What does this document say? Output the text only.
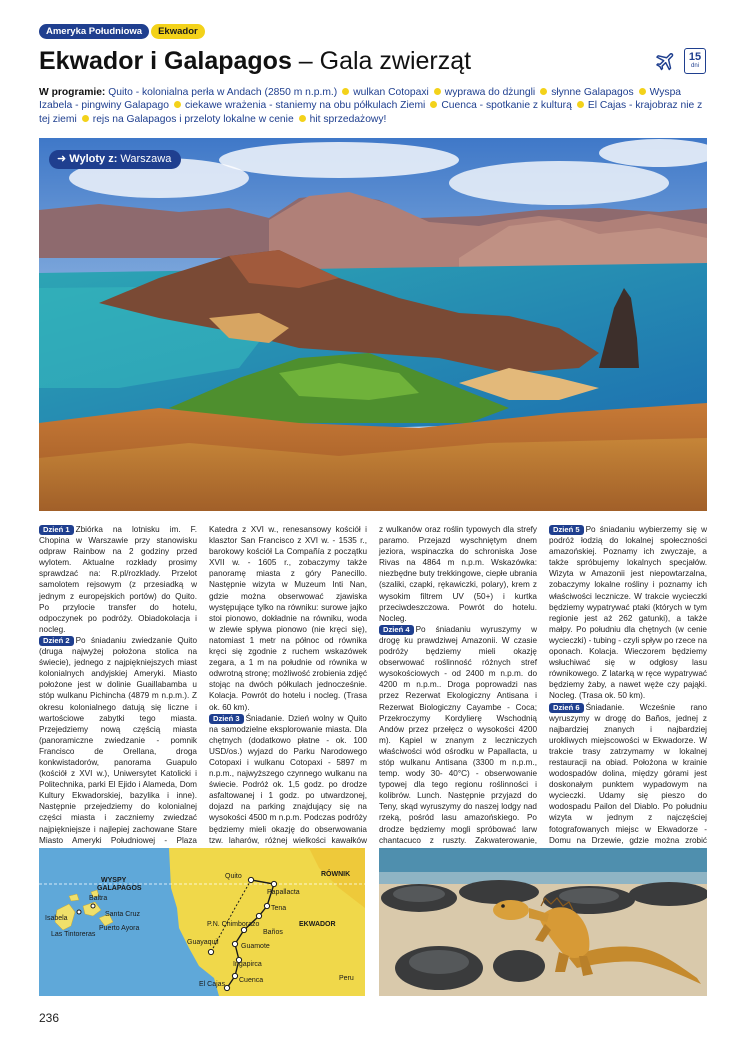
Ameryka Południowa	Ekwador
Ekwador i Galapagos – Gala zwierząt	15
dni
W programie: Quito - kolonialna perła w Andach (2850 m n.p.m.) wulkan Cotopaxi wyprawa do dżungli słynne Galapagos Wyspa Izabela - pingwiny Galapago ciekawe wrażenia - staniemy na obu półkulach Ziemi Cuenca - spotkanie z kulturą El Cajas - krajobraz nie z tej ziemi rejs na Galapagos i przeloty lokalne w cenie hit sprzedażowy!
➜ Wyloty z: Warszawa

Dzień 1 Zbiórka na lotnisku im. F. Chopina w Warszawie przy stanowisku odpraw Rainbow na 2 godziny przed wylotem. Aktualne rozkłady prosimy sprawdzać na: R.pl/rozklady. Przelot samolotem rejsowym (z przesiadką w jednym z europejskich portów) do Quito. Po przylocie transfer do hotelu, odpoczynek po podróży. Obiadokolacja i nocleg.

Dzień 2 Po śniadaniu zwiedzanie Quito (druga najwyżej położona stolica na świecie), jednego z najpiękniejszych miast kolonialnych andyjskiej Ameryki. Miasto położone jest w dolinie Guaillabamba u stóp wulkanu Pichincha (4879 m n.p.m.). Z okresu kolonialnego datują się liczne i wartościowe zabytki tego miasta. Przejedziemy nową częścią miasta (panoramiczne zwiedzanie - pomnik Francisco de Orellana, droga konkwistadorów, panorama Guapulo (kościół z XVI w.), Uniwersytet Katolicki i Politechnika, parki El Ejido i Alameda, Dom Kultury Ekwadorskiej, bazylika i inne). Następnie przejedziemy do kolonialnej części miasta i zaczniemy zwiedzać najpiękniejsze i najlepiej zachowane Stare Miasto Ameryki Południowej - Plaza

Katedra z XVI w., renesansowy kościół i klasztor San Francisco z XVI w. - 1535 r., barokowy kościół La Compañía z początku XVII w. - 1605 r., zobaczymy także panoramę miasta z góry Panecillo. Następnie wizyta w Muzeum Inti Nan, gdzie można obserwować zjawiska występujące tylko na równiku: surowe jajko stoi pionowo, dokładnie na równiku, woda w zlewie spływa pionowo (nie kręci się), natomiast 1 metr na północ od równika kręci się zgodnie z ruchem wskazówek zegara, a 1 m na południe od równika w odwrotną stronę; możliwość zrobienia zdjęć stojąc na dwóch półkulach jednocześnie. Kolacja. Powrót do hotelu i nocleg. (Trasa ok. 60 km).

Dzień 3 Śniadanie. Dzień wolny w Quito na samodzielne eksplorowanie miasta. Dla chętnych (dodatkowo płatne - ok. 100 USD/os.) wyjazd do Parku Narodowego Cotopaxi i wulkanu Cotopaxi - 5897 m n.p.m., najwyższego czynnego wulkanu na świecie. Podróż ok. 1,5 godz. po drodze asfaltowanej i 1 godz. po utwardzonej, dojazd na parking znajdujący się na wysokości 4500 m n.p.m. Podczas podróży będziemy mieli okazję do obserwowania tzw. laharów, różnej wielkości kawałków

z wulkanów oraz roślin typowych dla strefy paramo. Przejazd wyschniętym dnem jeziora, wspinaczka do schroniska Jose Rivas na 4864 m n.p.m. Wskazówka: niezbędne buty trekkingowe, ciepłe ubrania (szaliki, czapki, rękawiczki, polary), krem z wysokim filtrem UV (50+) i kurtka przeciwdeszczowa. Powrót do hotelu. Nocleg.

Dzień 4 Po śniadaniu wyruszymy w drogę ku prawdziwej Amazonii. W czasie podróży będziemy mieli okazję obserwować roślinność różnych stref wysokościowych - od 2400 m n.p.m. do 4200 m n.p.m.. Droga poprowadzi nas przez Rezerwat Ekologiczny Antisana i Rezerwat Biologiczny Cayambe - Coca; Przekroczymy Kordylierę Wschodnią Andów przez przełęcz o wysokości 4200 m). Kąpiel w znanym z leczniczych właściwości wód ośrodku w Papallacta, u stóp wulkanu Antisana (3300 m n.p.m., temp. wody 30- 40°C) - obserwowanie typowej dla tego regionu roślinności i kolibrów. Lunch. Następnie przyjazd do Teny, skąd wyruszymy do naszej lodgy nad rzeką, pośród lasu amazońskiego. Po drodze będziemy mogli spróbować larw chantacuco z ruszty. Zakwaterowanie,

Dzień 5 Po śniadaniu wybierzemy się w podróż łodzią do lokalnej społeczności amazońskiej. Poznamy ich zwyczaje, a także spróbujemy lokalnych specjałów. Wizyta w Amazonii jest niepowtarzalna, zobaczymy lokalne rośliny i poznamy ich właściwości lecznicze. W trakcie wycieczki będziemy wypatrywać ptaki (których w tym regionie jest aż 262 gatunki), a także małpy. Po południu dla chętnych (w cenie wycieczki) - tubing - czyli spływ po rzece na oponach. Kolacja. Wieczorem będziemy wsłuchiwać się w odgłosy lasu równikowego. Z latarką w ręce wypatrywać będziemy żaby, a nawet węże czy pająki. Nocleg. (Trasa ok. 50 km).

Dzień 6 Śniadanie. Wcześnie rano wyruszymy w drogę do Baños, jednej z najbardziej znanych i najbardziej urokliwych miejscowości w Ekwadorze. W trakcie trasy zatrzymamy w lokalnej restauracji na obiad. Położona w krainie wodospadów dolina, między górami jest doskonałym punktem wypadowym na wycieczki. Udamy się pieszo do wodospadu Pailon del Diablo. Po południu wizyta w jednym z najczęściej fotografowanych miejsc w Ekwadorze - Domu na Drzewie, gdzie można zrobić

WYSPY
GALAPAGOS
RÓWNIK
EKWADOR
Quito
Papallacta
Tena
P.N. Chimborazo
Baños
Guamote
Guayaquil
Ingapirca
Cuenca
El Cajas
Baltra
Santa Cruz
Isabela
Puerto Ayora
Las Tintoreras
Peru
236
